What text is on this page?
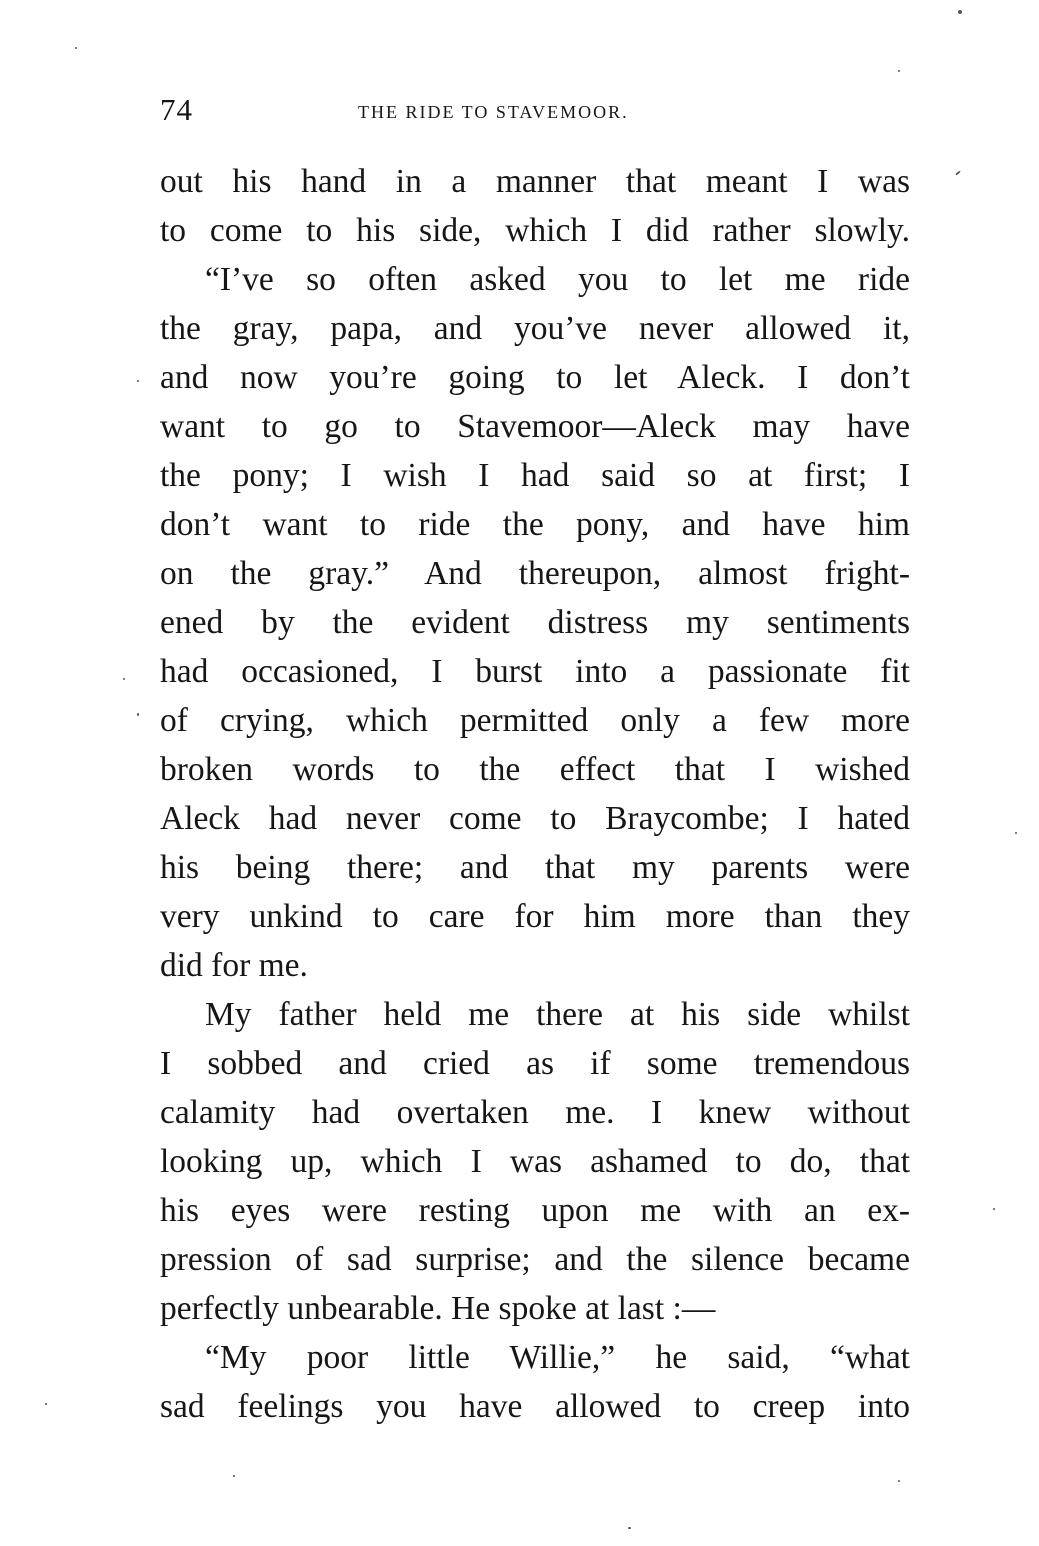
74	THE RIDE TO STAVEMOOR.
out his hand in a manner that meant I was
to come to his side, which I did rather slowly.
“I’ve so often asked you to let me ride
the gray, papa, and you’ve never allowed it,
and now you’re going to let Aleck. I don’t
want to go to Stavemoor—Aleck may have
the pony; I wish I had said so at first; I
don’t want to ride the pony, and have him
on the gray.” And thereupon, almost fright-
ened by the evident distress my sentiments
had occasioned, I burst into a passionate fit
of crying, which permitted only a few more
broken words to the effect that I wished
Aleck had never come to Braycombe; I hated
his being there; and that my parents were
very unkind to care for him more than they
did for me.
My father held me there at his side whilst
I sobbed and cried as if some tremendous
calamity had overtaken me. I knew without
looking up, which I was ashamed to do, that
his eyes were resting upon me with an ex-
pression of sad surprise; and the silence became
perfectly unbearable. He spoke at last :—
“My poor little Willie,” he said, “what
sad feelings you have allowed to creep into
